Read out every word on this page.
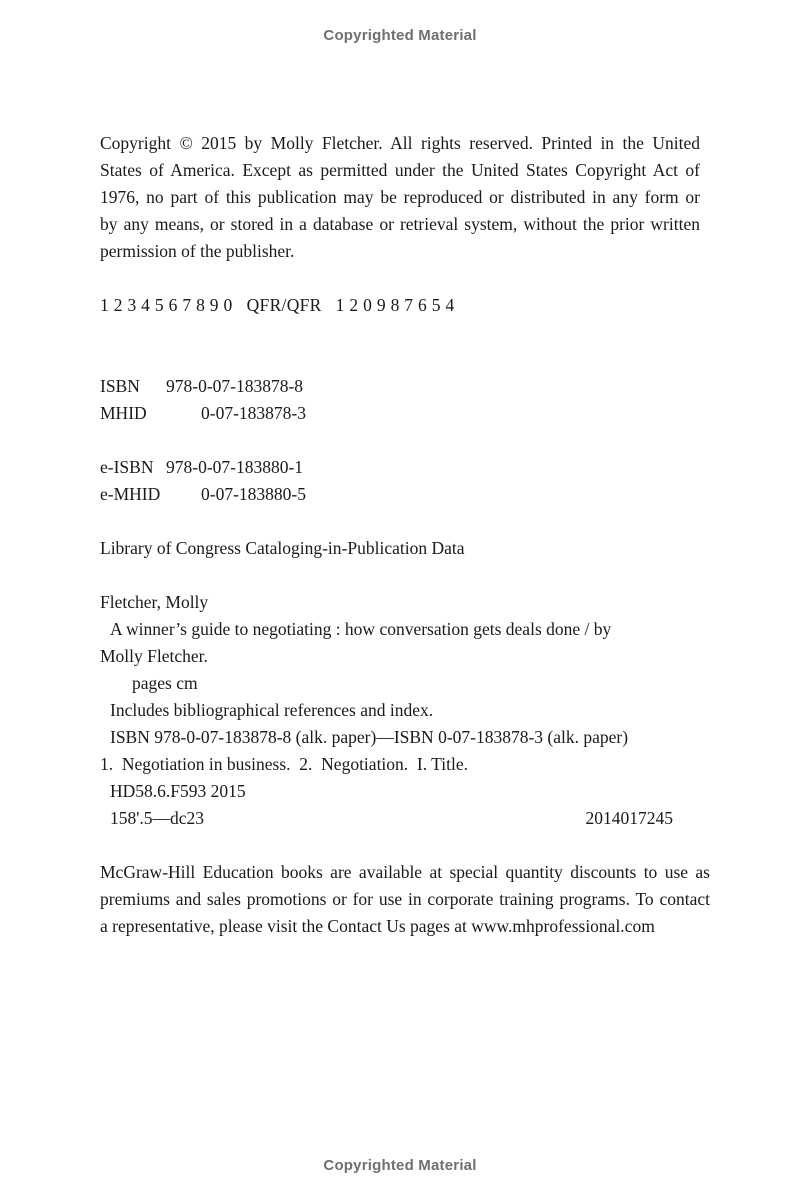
Copyrighted Material
Copyright © 2015 by Molly Fletcher. All rights reserved. Printed in the United
States of America. Except as permitted under the United States Copyright Act of
1976, no part of this publication may be reproduced or distributed in any form or
by any means, or stored in a database or retrieval system, without the prior written
permission of the publisher.
1 2 3 4 5 6 7 8 9 0   QFR/QFR   1 2 0 9 8 7 6 5 4
ISBN	978-0-07-183878-8
MHID	0-07-183878-3
e-ISBN 978-0-07-183880-1
e-MHID	0-07-183880-5
Library of Congress Cataloging-in-Publication Data
Fletcher, Molly
A winner’s guide to negotiating : how conversation gets deals done / by
Molly Fletcher.
pages cm
Includes bibliographical references and index.
ISBN 978-0-07-183878-8 (alk. paper)—ISBN 0-07-183878-3 (alk. paper)
1.  Negotiation in business.  2.  Negotiation.  I. Title.
HD58.6.F593 2015
158'.5—dc23	2014017245
McGraw-Hill Education books are available at special quantity discounts to use as
premiums and sales promotions or for use in corporate training programs. To contact
a representative, please visit the Contact Us pages at www.mhprofessional.com
Copyrighted Material
